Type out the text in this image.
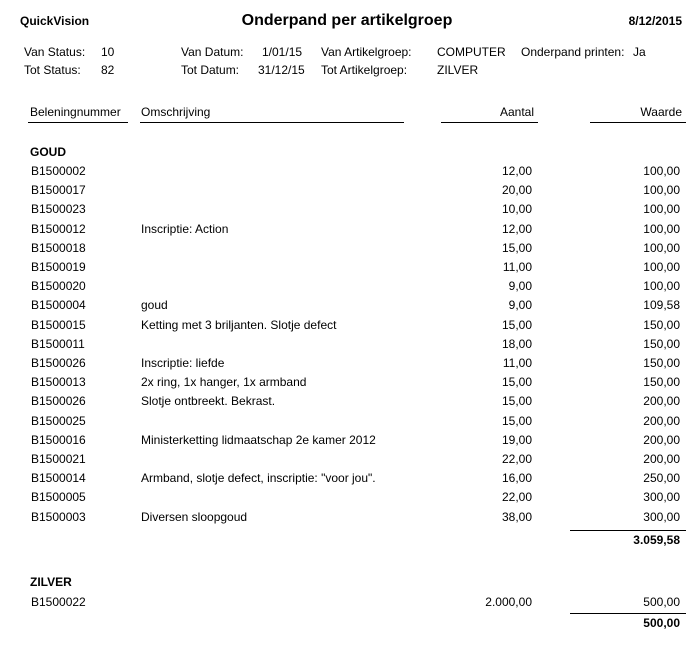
QuickVision	Onderpand per artikelgroep	8/12/2015
Van Status: 10
Tot Status: 82
Van Datum: 1/01/15
Tot Datum: 31/12/15
Van Artikelgroep: COMPUTER
Tot Artikelgroep: ZILVER
Onderpand printen: Ja
Beleningnummer Omschrijving	Aantal	Waarde
GOUD
B1500002	12,00	100,00
B1500017	20,00	100,00
B1500023	10,00	100,00
B1500012	Inscriptie: Action	12,00	100,00
B1500018	15,00	100,00
B1500019	11,00	100,00
B1500020	9,00	100,00
B1500004	goud	9,00	109,58
B1500015	Ketting met 3 briljanten. Slotje defect	15,00	150,00
B1500011	18,00	150,00
B1500026	Inscriptie: liefde	11,00	150,00
B1500013	2x ring, 1x hanger, 1x armband	15,00	150,00
B1500026	Slotje ontbreekt. Bekrast.	15,00	200,00
B1500025	15,00	200,00
B1500016	Ministerketting lidmaatschap 2e kamer 2012	19,00	200,00
B1500021	22,00	200,00
B1500014	Armband, slotje defect, inscriptie: "voor jou".	16,00	250,00
B1500005	22,00	300,00
B1500003	Diversen sloopgoud	38,00	300,00
3.059,58
ZILVER
B1500022	2.000,00	500,00
500,00
